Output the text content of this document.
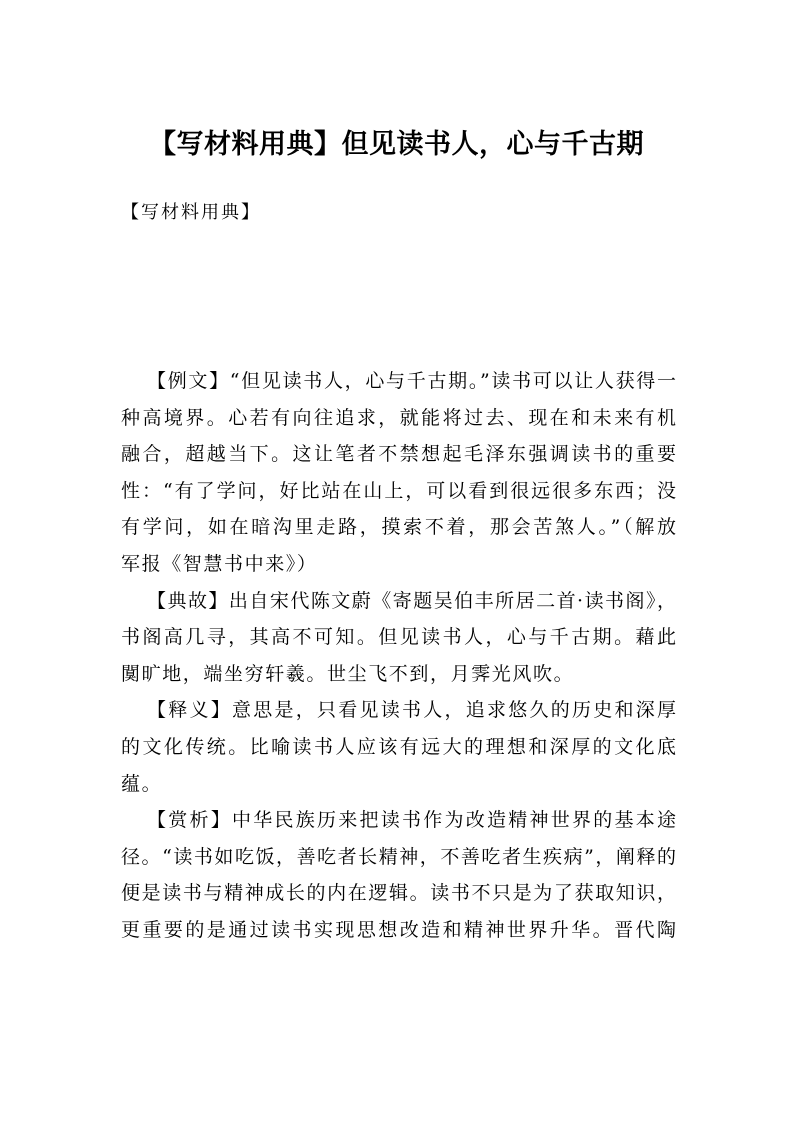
【写材料用典】但见读书人，心与千古期
【写材料用典】
【例文】“但见读书人，心与千古期。”读书可以让人获得一
种高境界。心若有向往追求，就能将过去、现在和未来有机
融合，超越当下。这让笔者不禁想起毛泽东强调读书的重要
性：“有了学问，好比站在山上，可以看到很远很多东西；没
有学问，如在暗沟里走路，摸索不着，那会苦煞人。”（解放
军报《智慧书中来》）
【典故】出自宋代陈文蔚《寄题吴伯丰所居二首·读书阁》，
书阁高几寻，其高不可知。但见读书人，心与千古期。藉此
闃旷地，端坐穷轩羲。世尘飞不到，月霁光风吹。
【释义】意思是，只看见读书人，追求悠久的历史和深厚
的文化传统。比喻读书人应该有远大的理想和深厚的文化底
蕴。
【赏析】中华民族历来把读书作为改造精神世界的基本途
径。“读书如吃饭，善吃者长精神，不善吃者生疾病”，阐释的
便是读书与精神成长的内在逻辑。读书不只是为了获取知识，
更重要的是通过读书实现思想改造和精神世界升华。晋代陶
